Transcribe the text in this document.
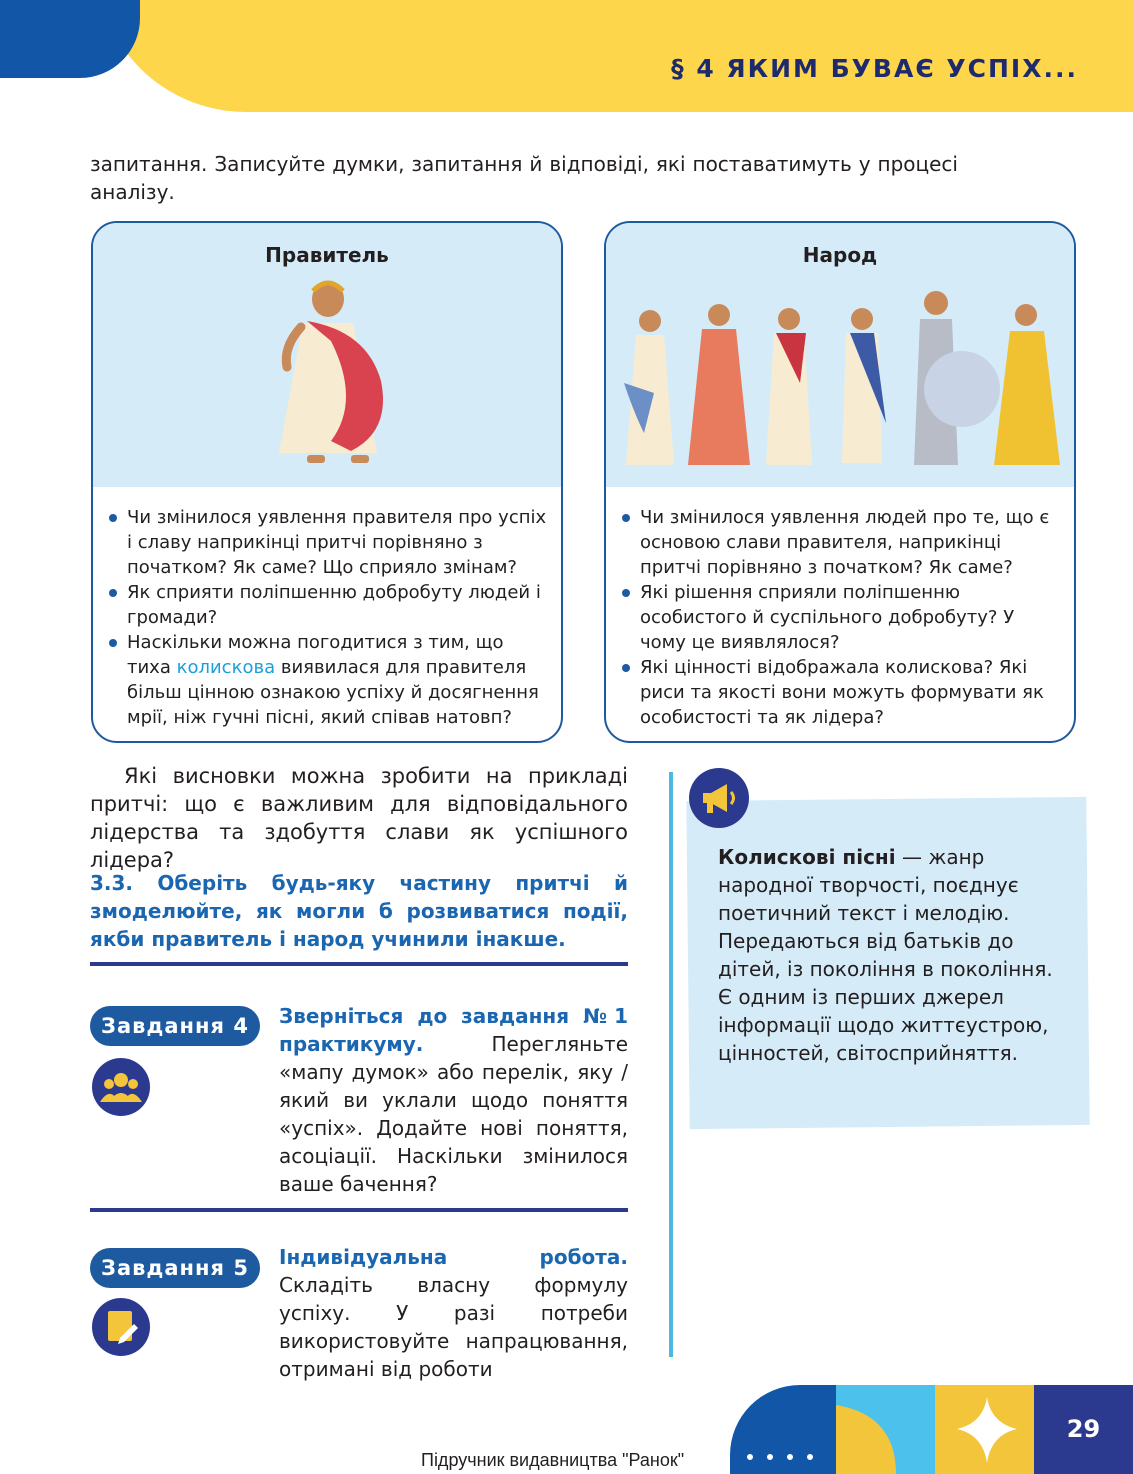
§ 4 ЯКИМ БУВАЄ УСПІХ...

запитання. Записуйте думки, запитання й відповіді, які поставатимуть у процесі аналізу.

Правитель
Чи змінилося уявлення правителя про успіх і славу наприкінці притчі порівняно з початком? Як саме? Що сприяло змінам?
Як сприяти поліпшенню добробуту людей і громади?
Наскільки можна погодитися з тим, що тиха колискова виявилася для правителя більш цінною ознакою успіху й досягнення мрії, ніж гучні пісні, який співав натовп?
Народ
Чи змінилося уявлення людей про те, що є основою слави правителя, наприкінці притчі порівняно з початком? Як саме?
Які рішення сприяли поліпшенню особистого й суспільного добробуту? У чому це виявлялося?
Які цінності відображала колискова? Які риси та якості вони можуть формувати як особистості та як лідера?

Які висновки можна зробити на прикладі притчі: що є важливим для відповідального лідерства та здобуття слави як успішного лідера?

3.3. Оберіть будь-яку частину притчі й змоделюйте, як могли б розвиватися події, якби правитель і народ учинили інакше.

Завдання 4	Зверніться до завдання №1 практикуму. Перегляньте «мапу думок» або перелік, яку / який ви уклали щодо поняття «успіх». Додайте нові поняття, асоціації. Наскільки змінилося ваше бачення?

Завдання 5	Індивідуальна робота. Складіть власну формулу успіху. У разі потреби використовуйте напрацювання, отримані від роботи

Колискові пісні — жанр народної творчості, поєднує поетичний текст і мелодію. Передаються від батьків до дітей, із покоління в покоління. Є одним із перших джерел інформації щодо життєустрою, цінностей, світосприйняття.

Підручник видавництва "Ранок"
29
